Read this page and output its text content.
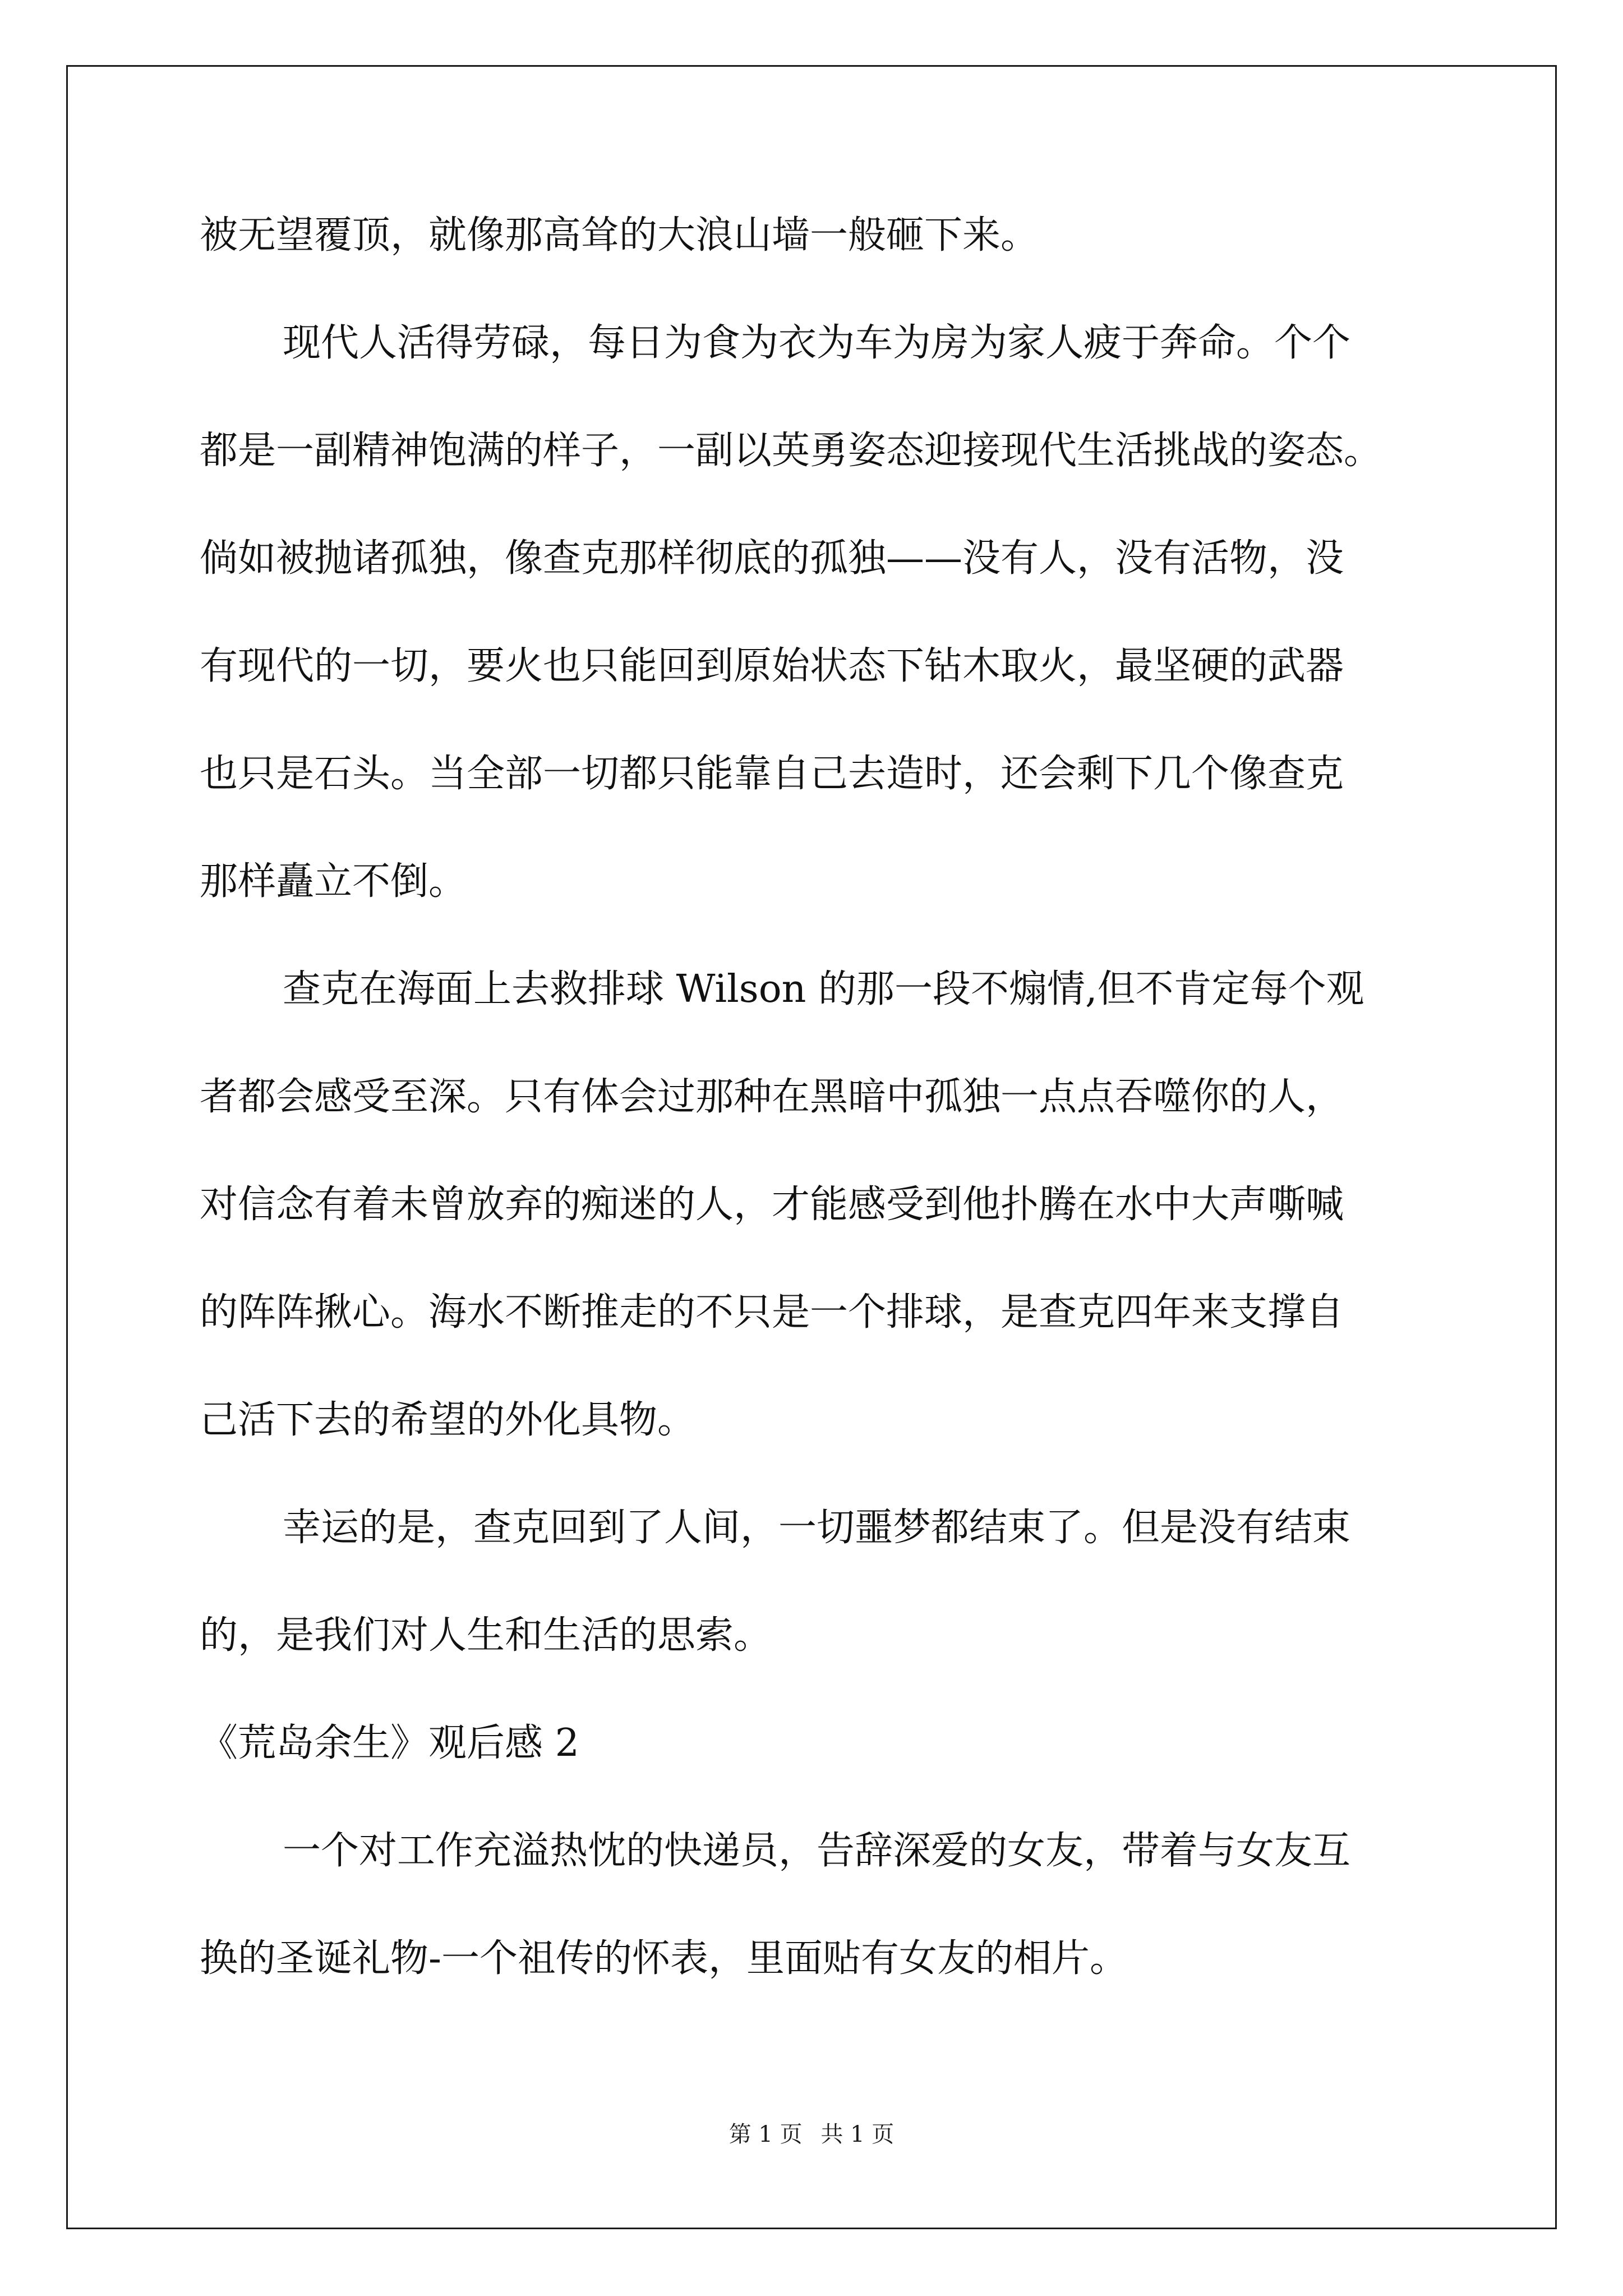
被无望覆顶，就像那高耸的大浪山墙一般砸下来。
现代人活得劳碌，每日为食为衣为车为房为家人疲于奔命。个个
都是一副精神饱满的样子，一副以英勇姿态迎接现代生活挑战的姿态。
倘如被抛诸孤独，像查克那样彻底的孤独——没有人，没有活物，没
有现代的一切，要火也只能回到原始状态下钻木取火，最坚硬的武器
也只是石头。当全部一切都只能靠自己去造时，还会剩下几个像查克
那样矗立不倒。
查克在海面上去救排球 Wilson 的那一段不煽情,但不肯定每个观
者都会感受至深。只有体会过那种在黑暗中孤独一点点吞噬你的人，
对信念有着未曾放弃的痴迷的人，才能感受到他扑腾在水中大声嘶喊
的阵阵揪心。海水不断推走的不只是一个排球，是查克四年来支撑自
己活下去的希望的外化具物。
幸运的是，查克回到了人间，一切噩梦都结束了。但是没有结束
的，是我们对人生和生活的思索。
《荒岛余生》观后感 2
一个对工作充溢热忱的快递员，告辞深爱的女友，带着与女友互
换的圣诞礼物-一个祖传的怀表，里面贴有女友的相片。
第 1 页 共 1 页
